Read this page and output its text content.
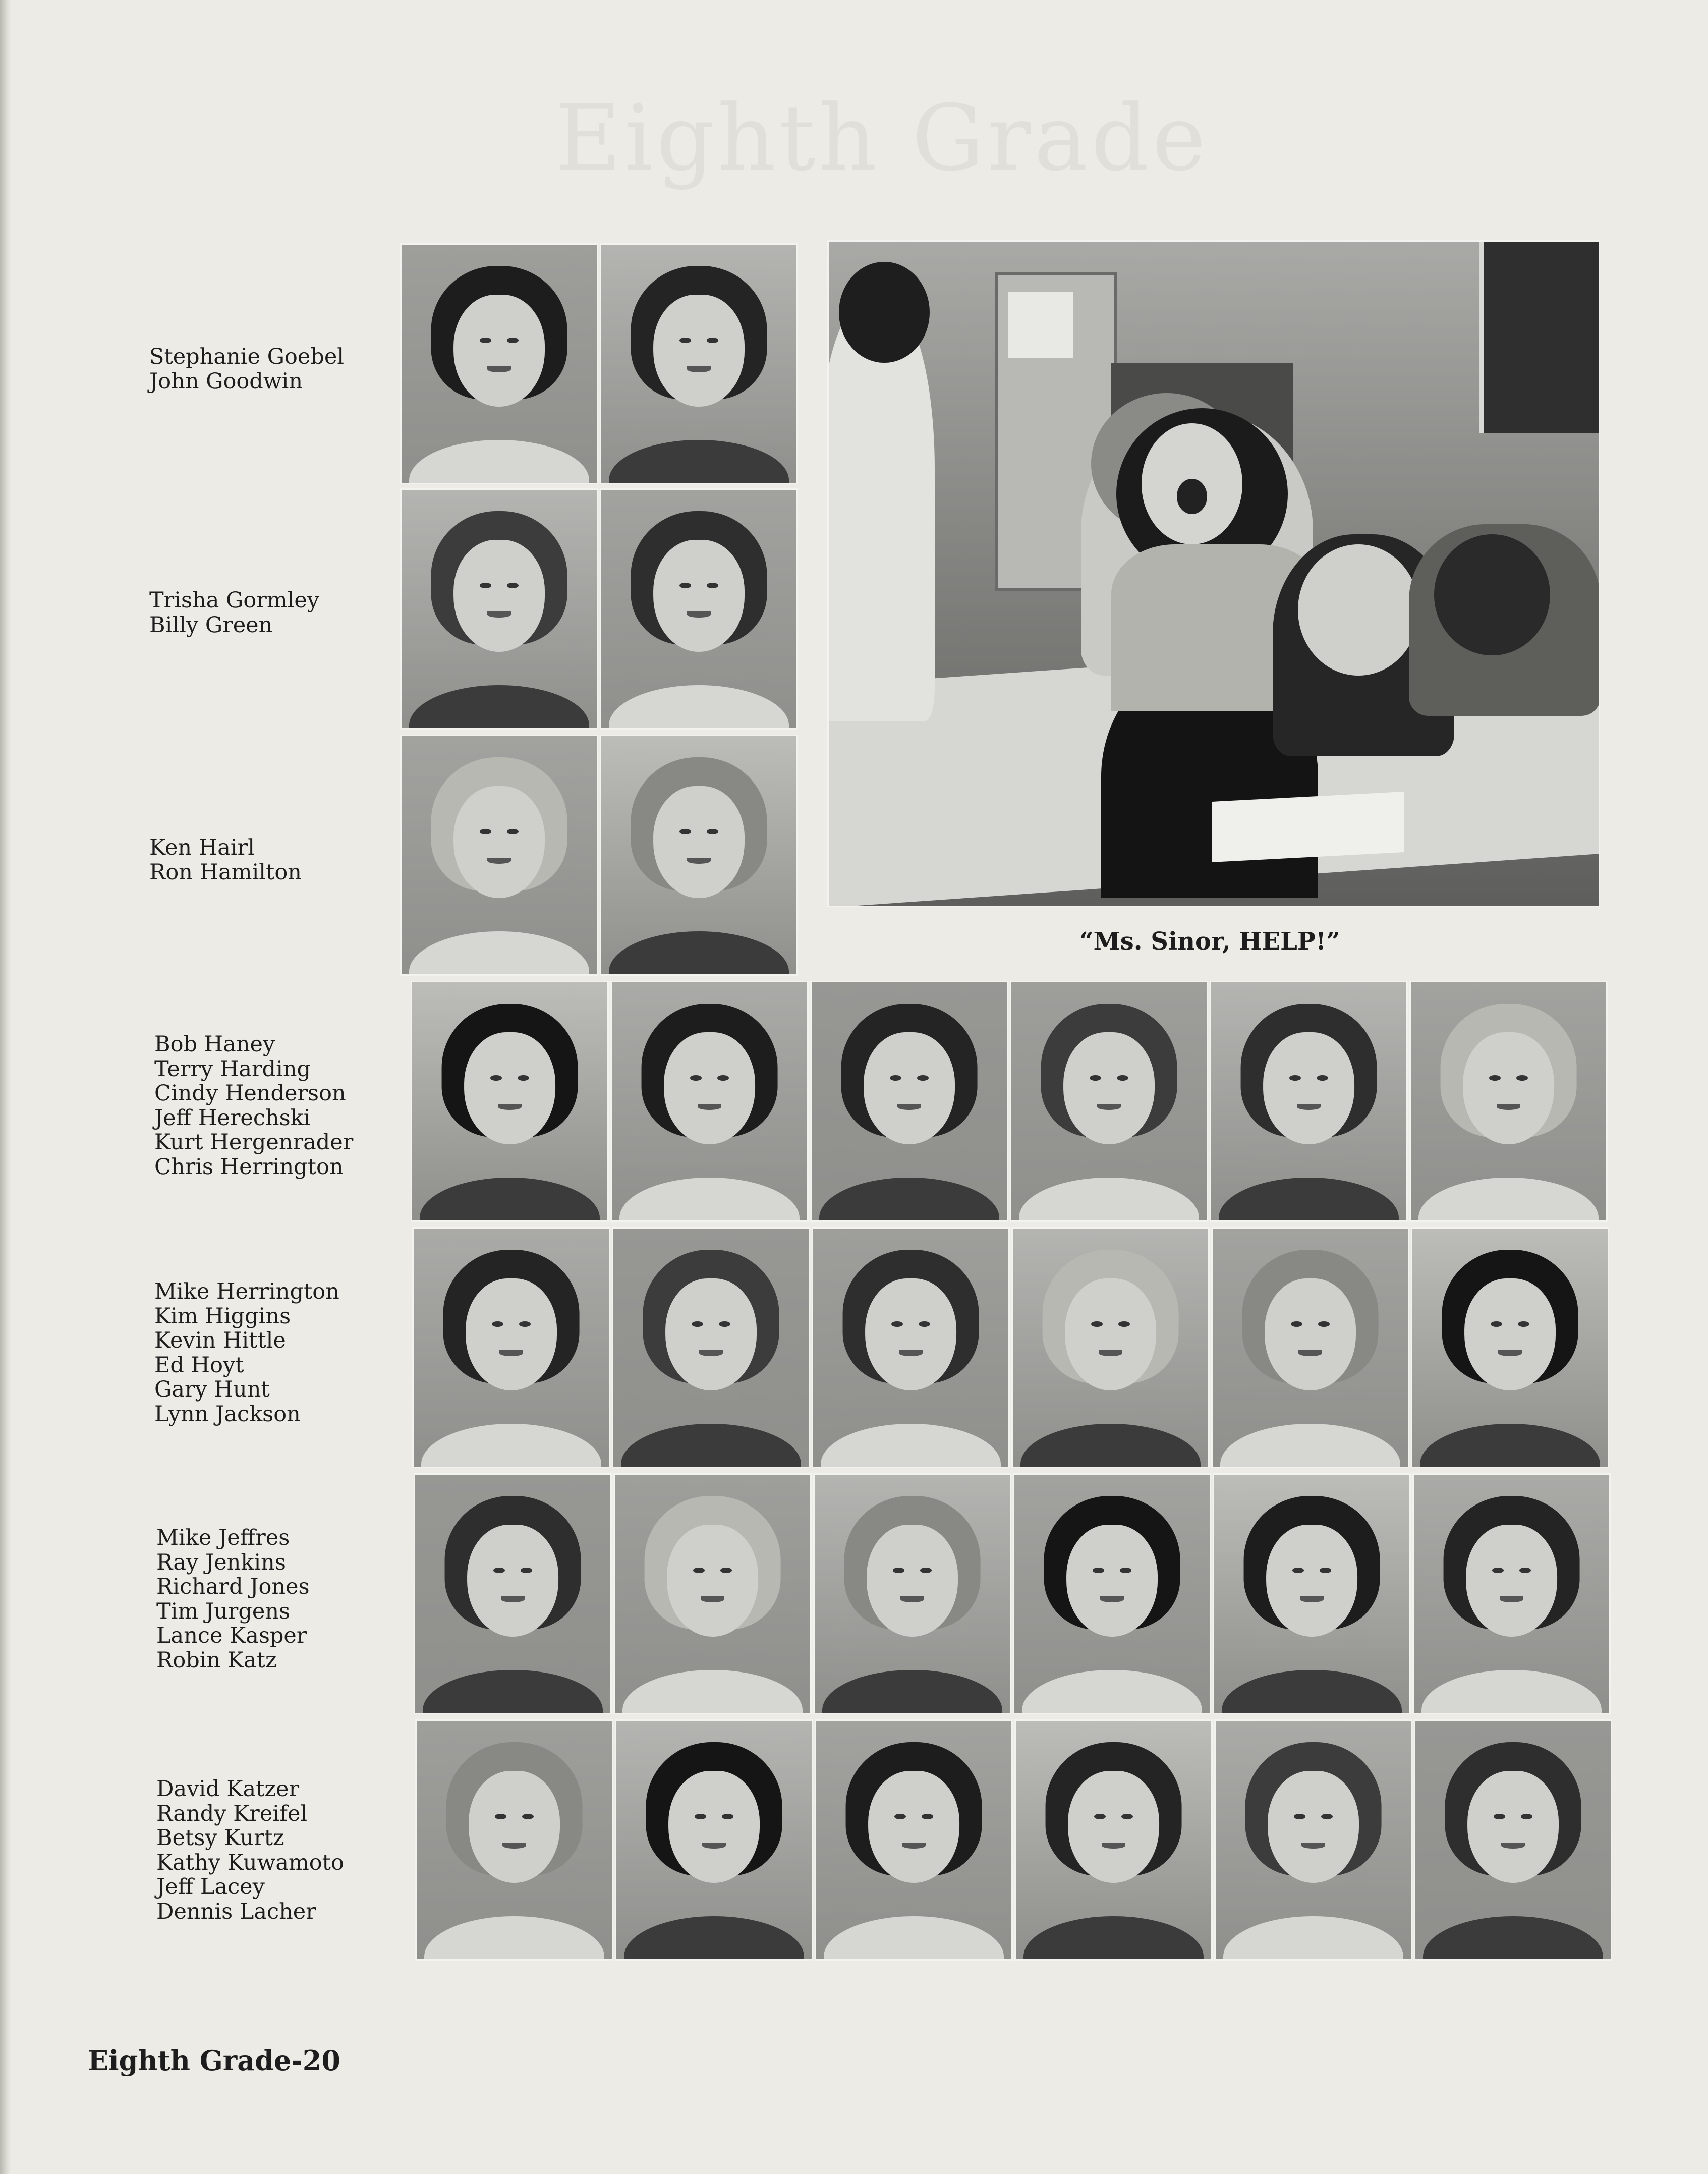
Eighth Grade
Stephanie Goebel
John Goodwin
Trisha Gormley
Billy Green
Ken Hairl
Ron Hamilton
Bob Haney
Terry Harding
Cindy Henderson
Jeff Herechski
Kurt Hergenrader
Chris Herrington
Mike Herrington
Kim Higgins
Kevin Hittle
Ed Hoyt
Gary Hunt
Lynn Jackson
Mike Jeffres
Ray Jenkins
Richard Jones
Tim Jurgens
Lance Kasper
Robin Katz
David Katzer
Randy Kreifel
Betsy Kurtz
Kathy Kuwamoto
Jeff Lacey
Dennis Lacher

“Ms. Sinor, HELP!”

Eighth Grade-20
